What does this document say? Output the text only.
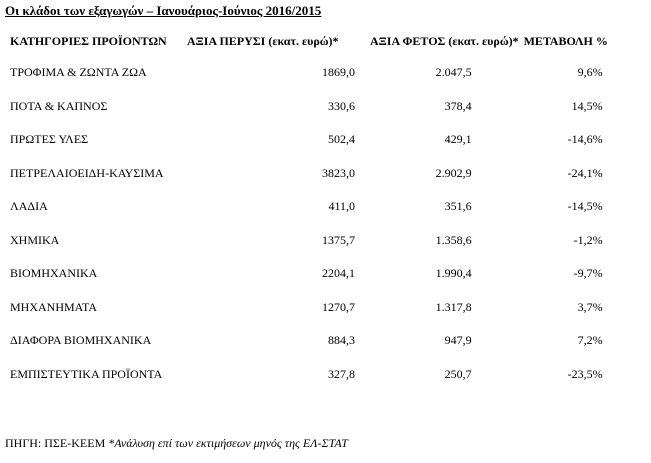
Οι κλάδοι των εξαγωγών – Ιανουάριος-Ιούνιος 2016/2015
ΚΑΤΗΓΟΡΙΕΣ ΠΡΟΪΟΝΤΩΝ	ΑΞΙΑ ΠΕΡΥΣΙ (εκατ. ευρώ)*	ΑΞΙΑ ΦΕΤΟΣ (εκατ. ευρώ)*	ΜΕΤΑΒΟΛΗ %
ΤΡΟΦΙΜΑ & ΖΩΝΤΑ ΖΩΑ	1869,0	2.047,5	9,6%
ΠΟΤΑ & ΚΑΠΝΟΣ	330,6	378,4	14,5%
ΠΡΩΤΕΣ ΥΛΕΣ	502,4	429,1	-14,6%
ΠΕΤΡΕΛΑΙΟΕΙΔΗ-ΚΑΥΣΙΜΑ	3823,0	2.902,9	-24,1%
ΛΑΔΙΑ	411,0	351,6	-14,5%
ΧΗΜΙΚΑ	1375,7	1.358,6	-1,2%
ΒΙΟΜΗΧΑΝΙΚΑ	2204,1	1.990,4	-9,7%
ΜΗΧΑΝΗΜΑΤΑ	1270,7	1.317,8	3,7%
ΔΙΑΦΟΡΑ ΒΙΟΜΗΧΑΝΙΚΑ	884,3	947,9	7,2%
ΕΜΠΙΣΤΕΥΤΙΚΑ ΠΡΟΪΟΝΤΑ	327,8	250,7	-23,5%
ΠΗΓΗ: ΠΣΕ-ΚΕΕΜ *Ανάλυση επί των εκτιμήσεων μηνός της ΕΛ-ΣΤΑΤ
